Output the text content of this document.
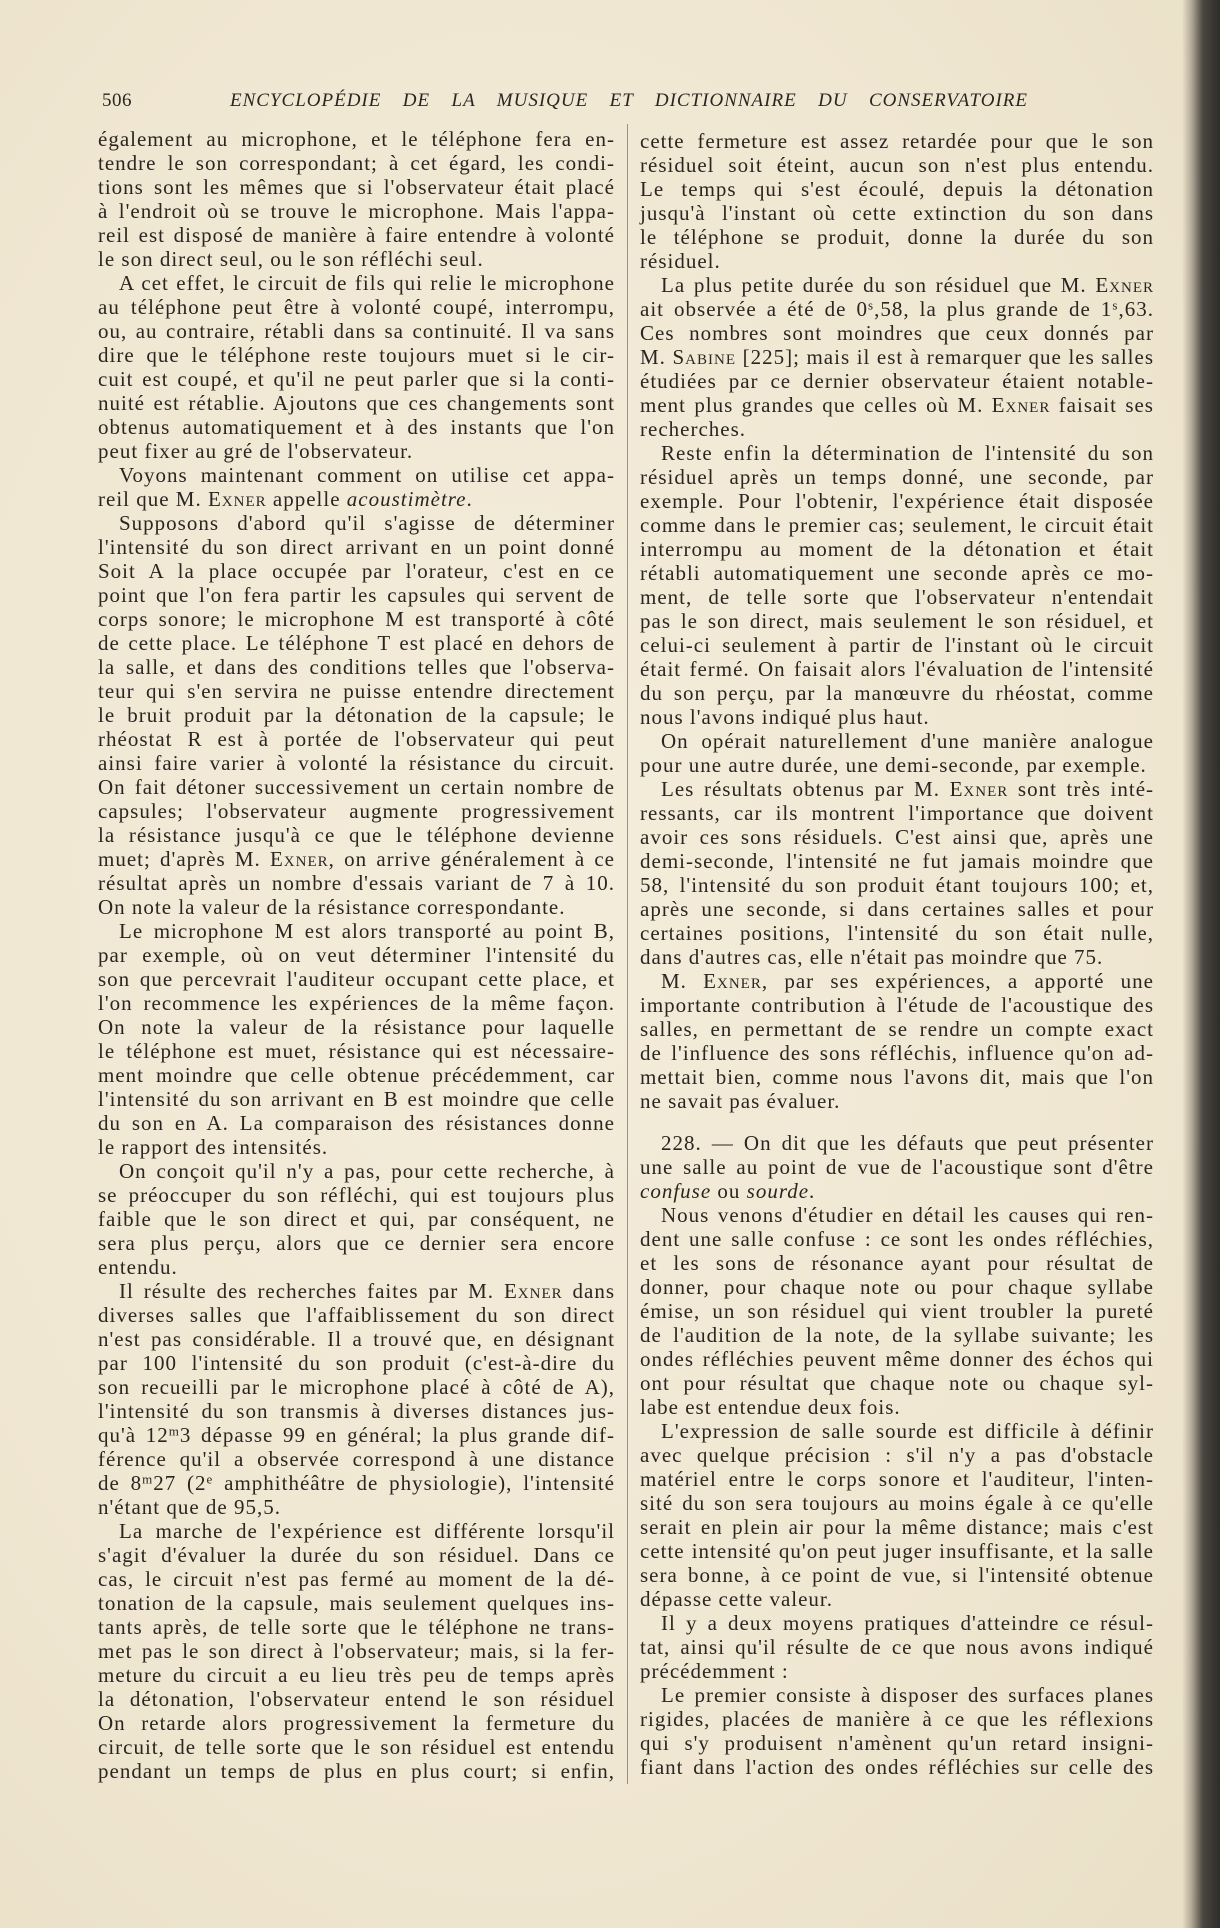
506	ENCYCLOPÉDIE DE LA MUSIQUE ET DICTIONNAIRE DU CONSERVATOIRE
également au microphone, et le téléphone fera en-
tendre le son correspondant; à cet égard, les condi-
tions sont les mêmes que si l'observateur était placé
à l'endroit où se trouve le microphone. Mais l'appa-
reil est disposé de manière à faire entendre à volonté
le son direct seul, ou le son réfléchi seul.
A cet effet, le circuit de fils qui relie le microphone
au téléphone peut être à volonté coupé, interrompu,
ou, au contraire, rétabli dans sa continuité. Il va sans
dire que le téléphone reste toujours muet si le cir-
cuit est coupé, et qu'il ne peut parler que si la conti-
nuité est rétablie. Ajoutons que ces changements sont
obtenus automatiquement et à des instants que l'on
peut fixer au gré de l'observateur.
Voyons maintenant comment on utilise cet appa-
reil que M. Exner appelle acoustimètre.
Supposons d'abord qu'il s'agisse de déterminer
l'intensité du son direct arrivant en un point donné
Soit A la place occupée par l'orateur, c'est en ce
point que l'on fera partir les capsules qui servent de
corps sonore; le microphone M est transporté à côté
de cette place. Le téléphone T est placé en dehors de
la salle, et dans des conditions telles que l'observa-
teur qui s'en servira ne puisse entendre directement
le bruit produit par la détonation de la capsule; le
rhéostat R est à portée de l'observateur qui peut
ainsi faire varier à volonté la résistance du circuit.
On fait détoner successivement un certain nombre de
capsules; l'observateur augmente progressivement
la résistance jusqu'à ce que le téléphone devienne
muet; d'après M. Exner, on arrive généralement à ce
résultat après un nombre d'essais variant de 7 à 10.
On note la valeur de la résistance correspondante.
Le microphone M est alors transporté au point B,
par exemple, où on veut déterminer l'intensité du
son que percevrait l'auditeur occupant cette place, et
l'on recommence les expériences de la même façon.
On note la valeur de la résistance pour laquelle
le téléphone est muet, résistance qui est nécessaire-
ment moindre que celle obtenue précédemment, car
l'intensité du son arrivant en B est moindre que celle
du son en A. La comparaison des résistances donne
le rapport des intensités.
On conçoit qu'il n'y a pas, pour cette recherche, à
se préoccuper du son réfléchi, qui est toujours plus
faible que le son direct et qui, par conséquent, ne
sera plus perçu, alors que ce dernier sera encore
entendu.
Il résulte des recherches faites par M. Exner dans
diverses salles que l'affaiblissement du son direct
n'est pas considérable. Il a trouvé que, en désignant
par 100 l'intensité du son produit (c'est-à-dire du
son recueilli par le microphone placé à côté de A),
l'intensité du son transmis à diverses distances jus-
qu'à 12$^m$3 dépasse 99 en général; la plus grande dif-
férence qu'il a observée correspond à une distance
de 8$^m$27 (2e amphithéâtre de physiologie), l'intensité
n'étant que de 95,5.
La marche de l'expérience est différente lorsqu'il
s'agit d'évaluer la durée du son résiduel. Dans ce
cas, le circuit n'est pas fermé au moment de la dé-
tonation de la capsule, mais seulement quelques ins-
tants après, de telle sorte que le téléphone ne trans-
met pas le son direct à l'observateur; mais, si la fer-
meture du circuit a eu lieu très peu de temps après
la détonation, l'observateur entend le son résiduel
On retarde alors progressivement la fermeture du
circuit, de telle sorte que le son résiduel est entendu
pendant un temps de plus en plus court; si enfin,
cette fermeture est assez retardée pour que le son
résiduel soit éteint, aucun son n'est plus entendu.
Le temps qui s'est écoulé, depuis la détonation
jusqu'à l'instant où cette extinction du son dans
le téléphone se produit, donne la durée du son
résiduel.
La plus petite durée du son résiduel que M. Exner
ait observée a été de 0$^s$,58, la plus grande de 1$^s$,63.
Ces nombres sont moindres que ceux donnés par
M. Sabine [225]; mais il est à remarquer que les salles
étudiées par ce dernier observateur étaient notable-
ment plus grandes que celles où M. Exner faisait ses
recherches.
Reste enfin la détermination de l'intensité du son
résiduel après un temps donné, une seconde, par
exemple. Pour l'obtenir, l'expérience était disposée
comme dans le premier cas; seulement, le circuit était
interrompu au moment de la détonation et était
rétabli automatiquement une seconde après ce mo-
ment, de telle sorte que l'observateur n'entendait
pas le son direct, mais seulement le son résiduel, et
celui-ci seulement à partir de l'instant où le circuit
était fermé. On faisait alors l'évaluation de l'intensité
du son perçu, par la manœuvre du rhéostat, comme
nous l'avons indiqué plus haut.
On opérait naturellement d'une manière analogue
pour une autre durée, une demi-seconde, par exemple.
Les résultats obtenus par M. Exner sont très inté-
ressants, car ils montrent l'importance que doivent
avoir ces sons résiduels. C'est ainsi que, après une
demi-seconde, l'intensité ne fut jamais moindre que
58, l'intensité du son produit étant toujours 100; et,
après une seconde, si dans certaines salles et pour
certaines positions, l'intensité du son était nulle,
dans d'autres cas, elle n'était pas moindre que 75.
M. Exner, par ses expériences, a apporté une
importante contribution à l'étude de l'acoustique des
salles, en permettant de se rendre un compte exact
de l'influence des sons réfléchis, influence qu'on ad-
mettait bien, comme nous l'avons dit, mais que l'on
ne savait pas évaluer.
228. — On dit que les défauts que peut présenter
une salle au point de vue de l'acoustique sont d'être
confuse ou sourde.
Nous venons d'étudier en détail les causes qui ren-
dent une salle confuse : ce sont les ondes réfléchies,
et les sons de résonance ayant pour résultat de
donner, pour chaque note ou pour chaque syllabe
émise, un son résiduel qui vient troubler la pureté
de l'audition de la note, de la syllabe suivante; les
ondes réfléchies peuvent même donner des échos qui
ont pour résultat que chaque note ou chaque syl-
labe est entendue deux fois.
L'expression de salle sourde est difficile à définir
avec quelque précision : s'il n'y a pas d'obstacle
matériel entre le corps sonore et l'auditeur, l'inten-
sité du son sera toujours au moins égale à ce qu'elle
serait en plein air pour la même distance; mais c'est
cette intensité qu'on peut juger insuffisante, et la salle
sera bonne, à ce point de vue, si l'intensité obtenue
dépasse cette valeur.
Il y a deux moyens pratiques d'atteindre ce résul-
tat, ainsi qu'il résulte de ce que nous avons indiqué
précédemment :
Le premier consiste à disposer des surfaces planes
rigides, placées de manière à ce que les réflexions
qui s'y produisent n'amènent qu'un retard insigni-
fiant dans l'action des ondes réfléchies sur celle des
